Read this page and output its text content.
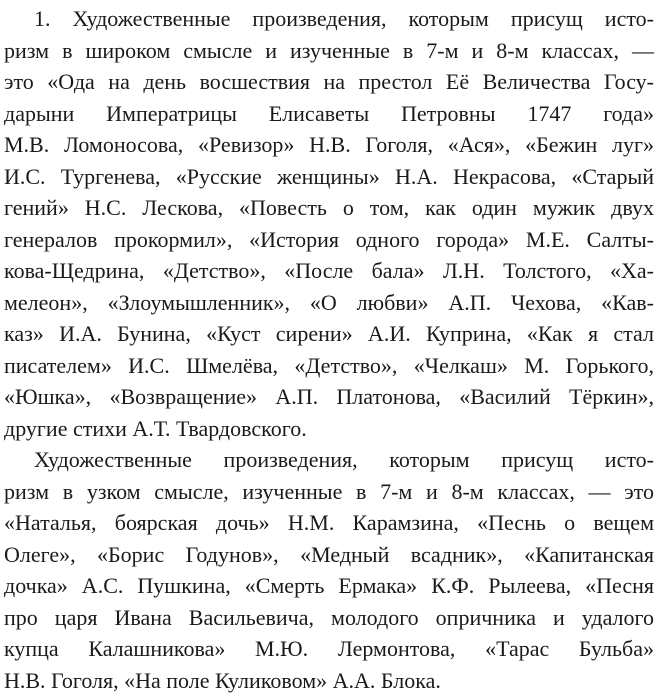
1. Художественные произведения, которым присущ исто-
ризм в широком смысле и изученные в 7-м и 8-м классах, —
это «Ода на день восшествия на престол Её Величества Госу-
дарыни Императрицы Елисаветы Петровны 1747 года»
М.В. Ломоносова, «Ревизор» Н.В. Гоголя, «Ася», «Бежин луг»
И.С. Тургенева, «Русские женщины» Н.А. Некрасова, «Старый
гений» Н.С. Лескова, «Повесть о том, как один мужик двух
генералов прокормил», «История одного города» М.Е. Салты-
кова-Щедрина, «Детство», «После бала» Л.Н. Толстого, «Ха-
мелеон», «Злоумышленник», «О любви» А.П. Чехова, «Кав-
каз» И.А. Бунина, «Куст сирени» А.И. Куприна, «Как я стал
писателем» И.С. Шмелёва, «Детство», «Челкаш» М. Горького,
«Юшка», «Возвращение» А.П. Платонова, «Василий Тёркин»,
другие стихи А.Т. Твардовского.
Художественные произведения, которым присущ исто-
ризм в узком смысле, изученные в 7-м и 8-м классах, — это
«Наталья, боярская дочь» Н.М. Карамзина, «Песнь о вещем
Олеге», «Борис Годунов», «Медный всадник», «Капитанская
дочка» А.С. Пушкина, «Смерть Ермака» К.Ф. Рылеева, «Песня
про царя Ивана Васильевича, молодого опричника и удалого
купца Калашникова» М.Ю. Лермонтова, «Тарас Бульба»
Н.В. Гоголя, «На поле Куликовом» А.А. Блока.
